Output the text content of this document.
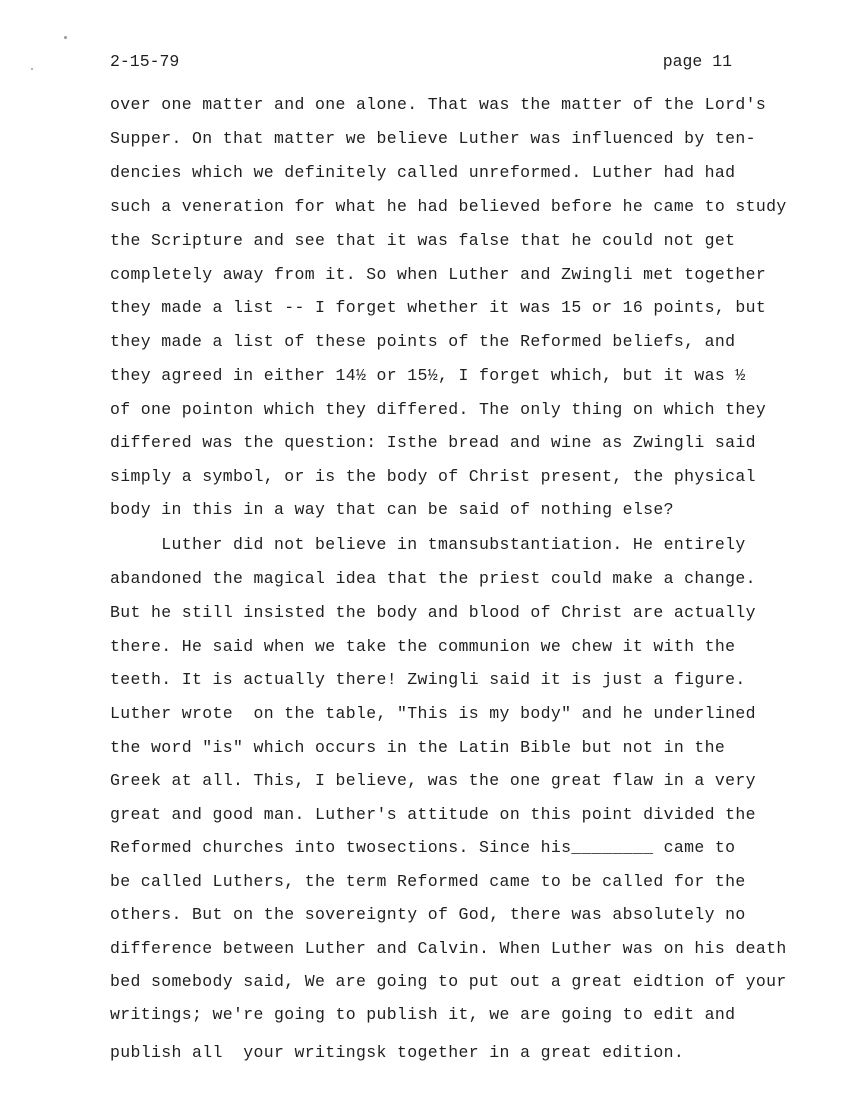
2-15-79	page 11
over one matter and one alone. That was the matter of the Lord's
Supper. On that matter we believe Luther was influenced by ten-
dencies which we definitely called unreformed. Luther had had
such a veneration for what he had believed before he came to study
the Scripture and see that it was false that he could not get
completely away from it. So when Luther and Zwingli met together
they made a list -- I forget whether it was 15 or 16 points, but
they made a list of these points of the Reformed beliefs, and
they agreed in either 14½ or 15½, I forget which, but it was ½
of one pointon which they differed. The only thing on which they
differed was the question: Isthe bread and wine as Zwingli said
simply a symbol, or is the body of Christ present, the physical
body in this in a way that can be said of nothing else?
Luther did not believe in tmansubstantiation. He entirely
abandoned the magical idea that the priest could make a change.
But he still insisted the body and blood of Christ are actually
there. He said when we take the communion we chew it with the
teeth. It is actually there! Zwingli said it is just a figure.
Luther wrote  on the table, "This is my body" and he underlined
the word "is" which occurs in the Latin Bible but not in the
Greek at all. This, I believe, was the one great flaw in a very
great and good man. Luther's attitude on this point divided the
Reformed churches into twosections. Since his________ came to
be called Luthers, the term Reformed came to be called for the
others. But on the sovereignty of God, there was absolutely no
difference between Luther and Calvin. When Luther was on his death
bed somebody said, We are going to put out a great eidtion of your
writings; we're going to publish it, we are going to edit and
publish all  your writingsk together in a great edition.
